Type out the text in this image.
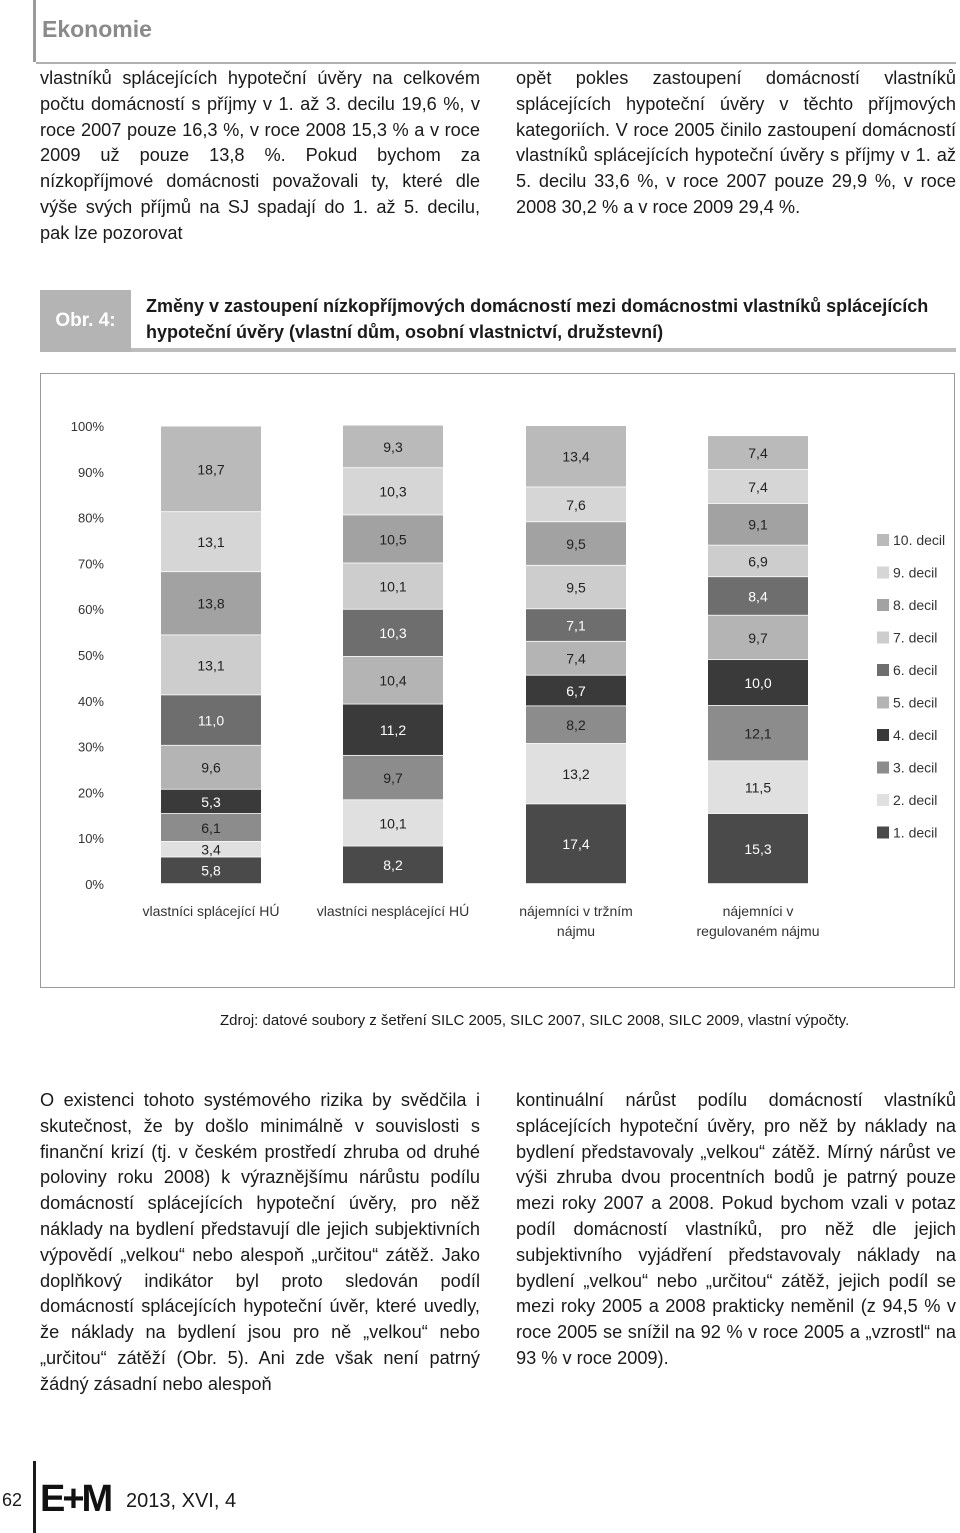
Ekonomie

vlastníků splácejících hypoteční úvěry na celkovém počtu domácností s příjmy v 1. až 3. decilu 19,6 %, v roce 2007 pouze 16,3 %, v roce 2008 15,3 % a v roce 2009 už pouze 13,8 %. Pokud bychom za nízkopříjmové domácnosti považovali ty, které dle výše svých příjmů na SJ spadají do 1. až 5. decilu, pak lze pozorovat

opět pokles zastoupení domácností vlastníků splácejících hypoteční úvěry v těchto příjmových kategoriích. V roce 2005 činilo zastoupení domácností vlastníků splácejících hypoteční úvěry s příjmy v 1. až 5. decilu 33,6 %, v roce 2007 pouze 29,9 %, v roce 2008 30,2 % a v roce 2009 29,4 %.

Obr. 4:

Změny v zastoupení nízkopříjmových domácností mezi domácnostmi vlastníků splácejících hypoteční úvěry (vlastní dům, osobní vlastnictví, družstevní)

0%
10%
20%
30%
40%
50%
60%
70%
80%
90%
100%
5,8
3,4
6,1
5,3
9,6
11,0
13,1
13,8
13,1
18,7
vlastníci splácející HÚ
8,2
10,1
9,7
11,2
10,4
10,3
10,1
10,5
10,3
9,3
vlastníci nesplácející HÚ
17,4
13,2
8,2
6,7
7,4
7,1
9,5
9,5
7,6
13,4
nájemníci v tržním
nájmu
15,3
11,5
12,1
10,0
9,7
8,4
6,9
9,1
7,4
7,4
nájemníci v
regulovaném nájmu
10. decil
9. decil
8. decil
7. decil
6. decil
5. decil
4. decil
3. decil
2. decil
1. decil

Zdroj: datové soubory z šetření SILC 2005, SILC 2007, SILC 2008, SILC 2009, vlastní výpočty.

O existenci tohoto systémového rizika by svědčila i skutečnost, že by došlo minimálně v souvislosti s finanční krizí (tj. v českém prostředí zhruba od druhé poloviny roku 2008) k výraznějšímu nárůstu podílu domácností splácejících hypoteční úvěry, pro něž náklady na bydlení představují dle jejich subjektivních výpovědí „velkou“ nebo alespoň „určitou“ zátěž. Jako doplňkový indikátor byl proto sledován podíl domácností splácejících hypoteční úvěr, které uvedly, že náklady na bydlení jsou pro ně „velkou“ nebo „určitou“ zátěží (Obr. 5). Ani zde však není patrný žádný zásadní nebo alespoň

kontinuální nárůst podílu domácností vlastníků splácejících hypoteční úvěry, pro něž by náklady na bydlení představovaly „velkou“ zátěž. Mírný nárůst ve výši zhruba dvou procentních bodů je patrný pouze mezi roky 2007 a 2008. Pokud bychom vzali v potaz podíl domácností vlastníků, pro něž dle jejich subjektivního vyjádření představovaly náklady na bydlení „velkou“ nebo „určitou“ zátěž, jejich podíl se mezi roky 2005 a 2008 prakticky neměnil (z 94,5 % v roce 2005 se snížil na 92 % v roce 2005 a „vzrostl“ na 93 % v roce 2009).

62 E+M 2013, XVI, 4
